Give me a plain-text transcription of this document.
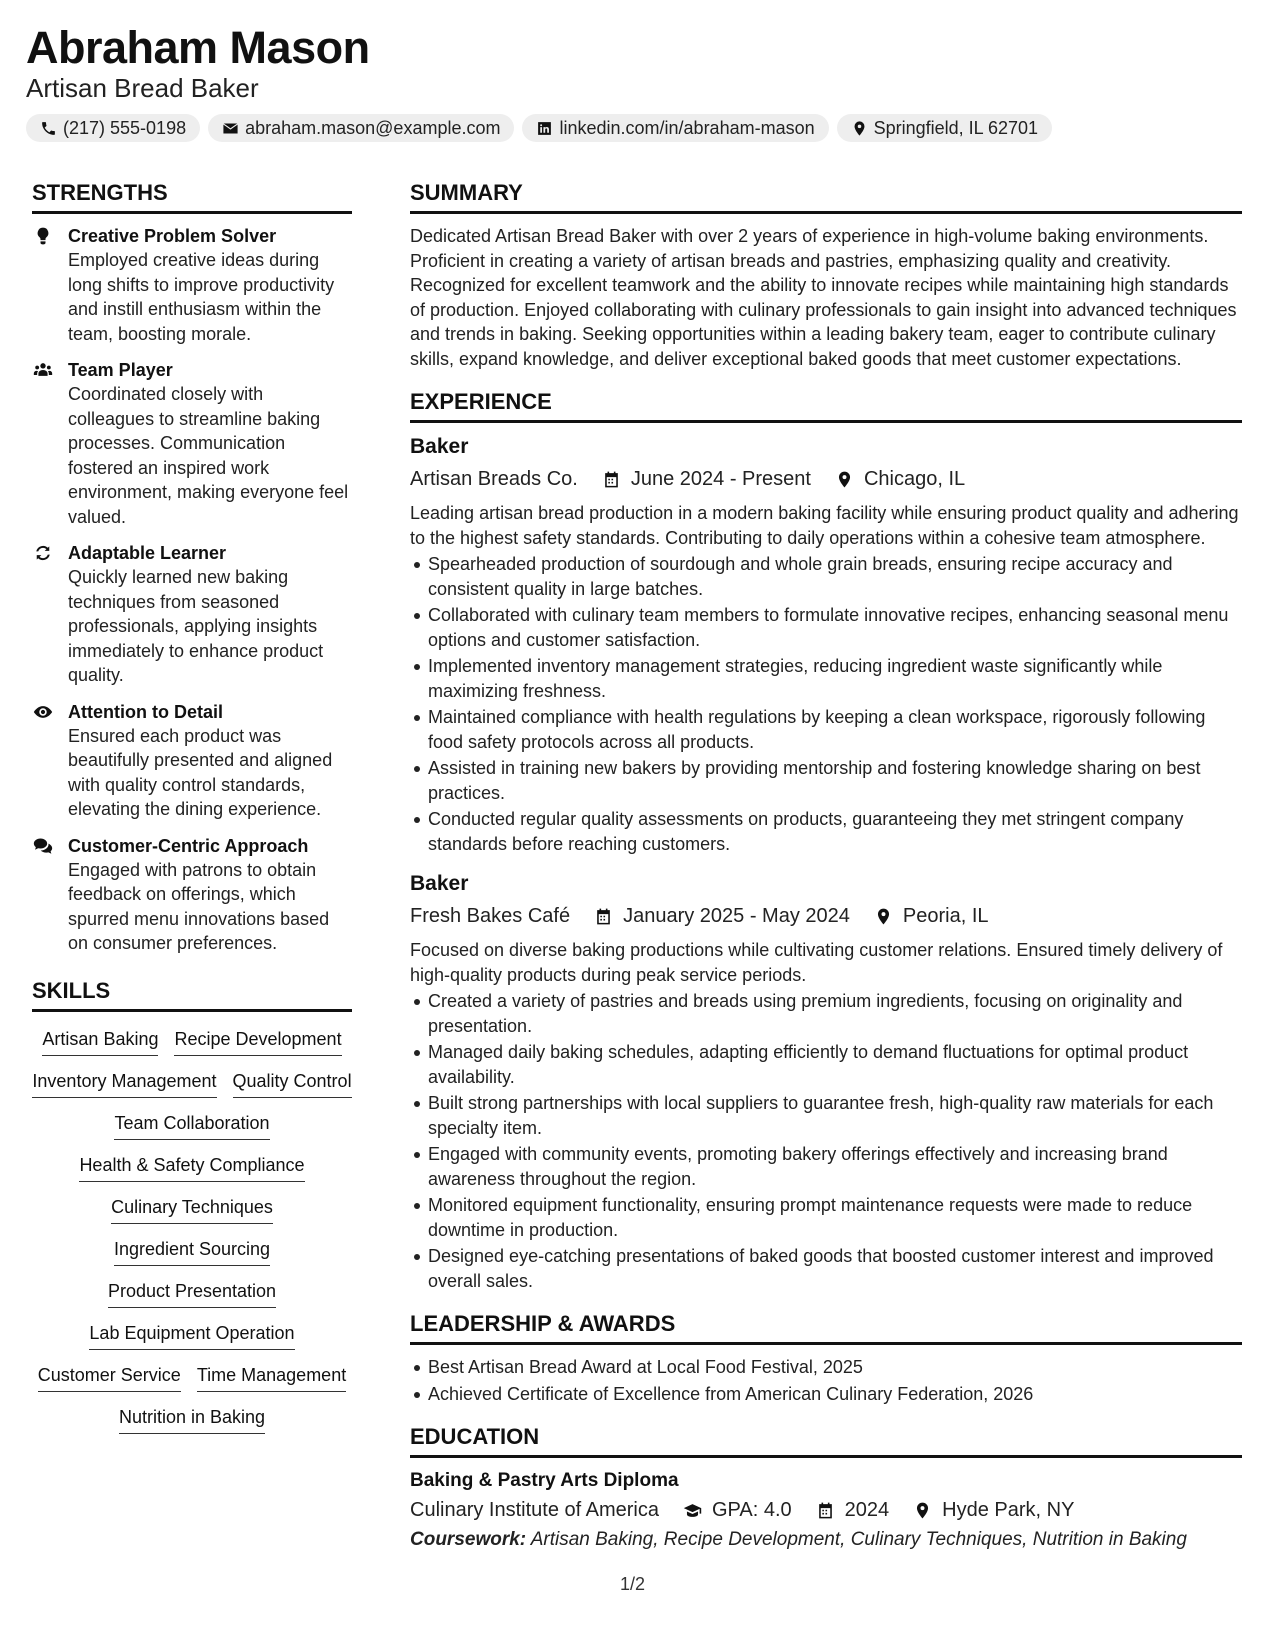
Abraham Mason
Artisan Bread Baker
(217) 555-0198	abraham.mason@example.com	linkedin.com/in/abraham-mason	Springfield, IL 62701
STRENGTHS
Creative Problem Solver
Employed creative ideas during long shifts to improve productivity and instill enthusiasm within the team, boosting morale.
Team Player
Coordinated closely with colleagues to streamline baking processes. Communication fostered an inspired work environment, making everyone feel valued.
Adaptable Learner
Quickly learned new baking techniques from seasoned professionals, applying insights immediately to enhance product quality.
Attention to Detail
Ensured each product was beautifully presented and aligned with quality control standards, elevating the dining experience.
Customer-Centric Approach
Engaged with patrons to obtain feedback on offerings, which spurred menu innovations based on consumer preferences.
SKILLS
Artisan Baking Recipe Development
Inventory Management Quality Control
Team Collaboration
Health & Safety Compliance
Culinary Techniques
Ingredient Sourcing
Product Presentation
Lab Equipment Operation
Customer Service Time Management
Nutrition in Baking
SUMMARY

Dedicated Artisan Bread Baker with over 2 years of experience in high-volume baking environments. Proficient in creating a variety of artisan breads and pastries, emphasizing quality and creativity. Recognized for excellent teamwork and the ability to innovate recipes while maintaining high standards of production. Enjoyed collaborating with culinary professionals to gain insight into advanced techniques and trends in baking. Seeking opportunities within a leading bakery team, eager to contribute culinary skills, expand knowledge, and deliver exceptional baked goods that meet customer expectations.

EXPERIENCE
Baker
Artisan Breads Co.	June 2024 - Present	Chicago, IL

Leading artisan bread production in a modern baking facility while ensuring product quality and adhering to the highest safety standards. Contributing to daily operations within a cohesive team atmosphere.

Spearheaded production of sourdough and whole grain breads, ensuring recipe accuracy and consistent quality in large batches.
Collaborated with culinary team members to formulate innovative recipes, enhancing seasonal menu options and customer satisfaction.
Implemented inventory management strategies, reducing ingredient waste significantly while maximizing freshness.
Maintained compliance with health regulations by keeping a clean workspace, rigorously following food safety protocols across all products.
Assisted in training new bakers by providing mentorship and fostering knowledge sharing on best practices.
Conducted regular quality assessments on products, guaranteeing they met stringent company standards before reaching customers.
Baker
Fresh Bakes Café	January 2025 - May 2024	Peoria, IL

Focused on diverse baking productions while cultivating customer relations. Ensured timely delivery of high-quality products during peak service periods.

Created a variety of pastries and breads using premium ingredients, focusing on originality and presentation.
Managed daily baking schedules, adapting efficiently to demand fluctuations for optimal product availability.
Built strong partnerships with local suppliers to guarantee fresh, high-quality raw materials for each specialty item.
Engaged with community events, promoting bakery offerings effectively and increasing brand awareness throughout the region.
Monitored equipment functionality, ensuring prompt maintenance requests were made to reduce downtime in production.
Designed eye-catching presentations of baked goods that boosted customer interest and improved overall sales.
LEADERSHIP & AWARDS
Best Artisan Bread Award at Local Food Festival, 2025
Achieved Certificate of Excellence from American Culinary Federation, 2026
EDUCATION
Baking & Pastry Arts Diploma
Culinary Institute of America	GPA: 4.0	2024	Hyde Park, NY
Coursework: Artisan Baking, Recipe Development, Culinary Techniques, Nutrition in Baking
1/2
